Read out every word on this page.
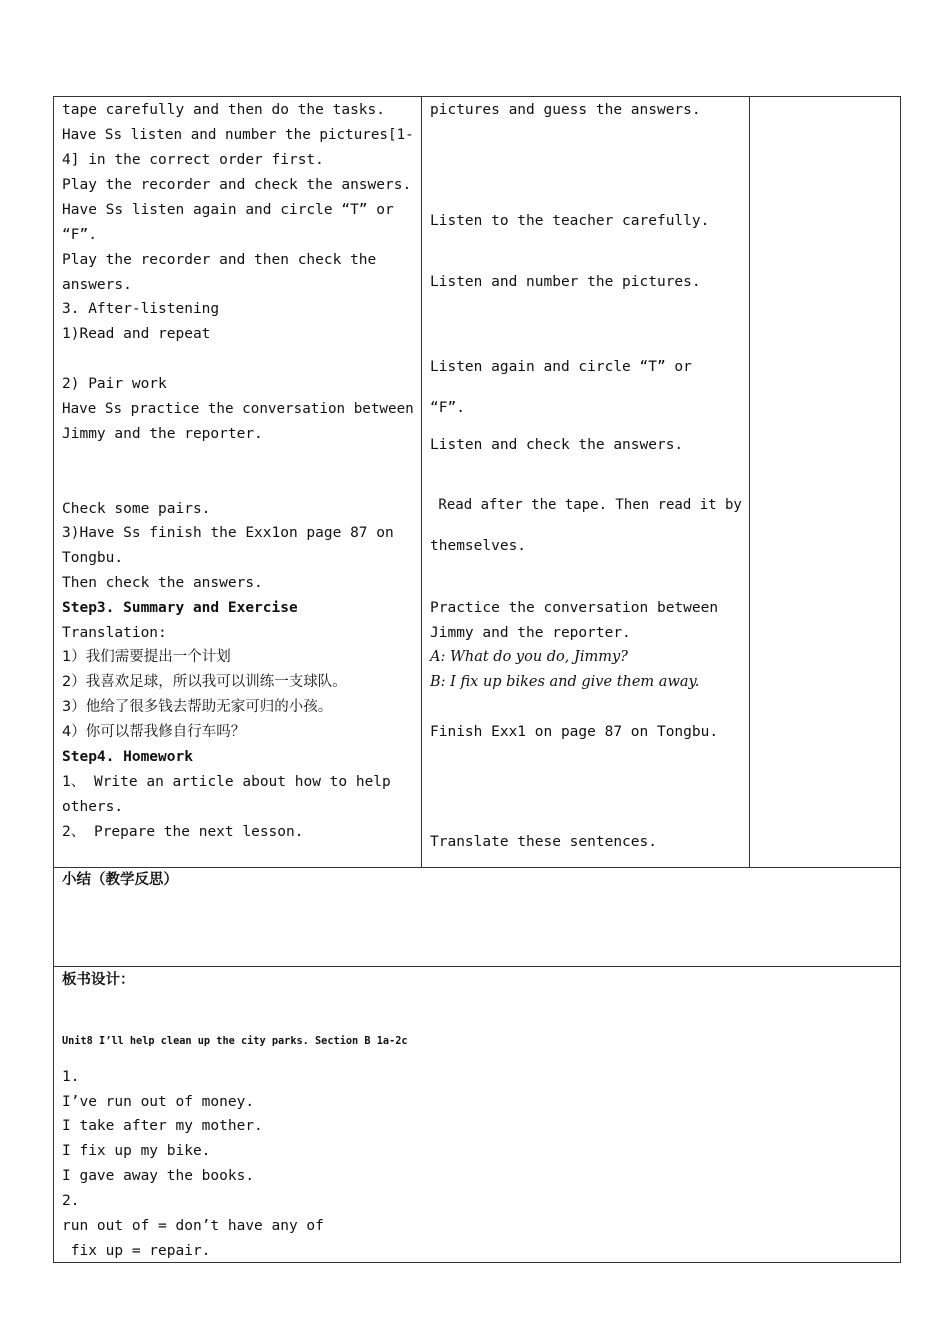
tape carefully and then do the tasks.
Have Ss listen and number the pictures[1-
4] in the correct order first.
Play the recorder and check the answers.
Have Ss listen again and circle “T” or
“F”.
Play the recorder and then check the
answers.
3. After-listening
1)Read and repeat
2) Pair work
Have Ss practice the conversation between
Jimmy and the reporter.
Check some pairs.
3)Have Ss finish the Exx1on page 87 on
Tongbu.
Then check the answers.
Step3. Summary and Exercise
Translation:
1）我们需要提出一个计划
2）我喜欢足球，所以我可以训练一支球队。
3）他给了很多钱去帮助无家可归的小孩。
4）你可以帮我修自行车吗？
Step4. Homework
1、 Write an article about how to help
others.
2、 Prepare the next lesson.
pictures and guess the answers.
Listen to the teacher carefully.
Listen and number the pictures.
Listen again and circle “T” or
“F”.
Listen and check the answers.
Read after the tape. Then read it by
themselves.
Practice the conversation between
Jimmy and the reporter.
A: What do you do, Jimmy?
B: I fix up bikes and give them away.
Finish Exx1 on page 87 on Tongbu.
Translate these sentences.
小结（教学反思）
板书设计：
Unit8 I’ll help clean up the city parks. Section B 1a-2c
1.
I’ve run out of money.
I take after my mother.
I fix up my bike.
I gave away the books.
2.
run out of = don’t have any of
fix up = repair.
